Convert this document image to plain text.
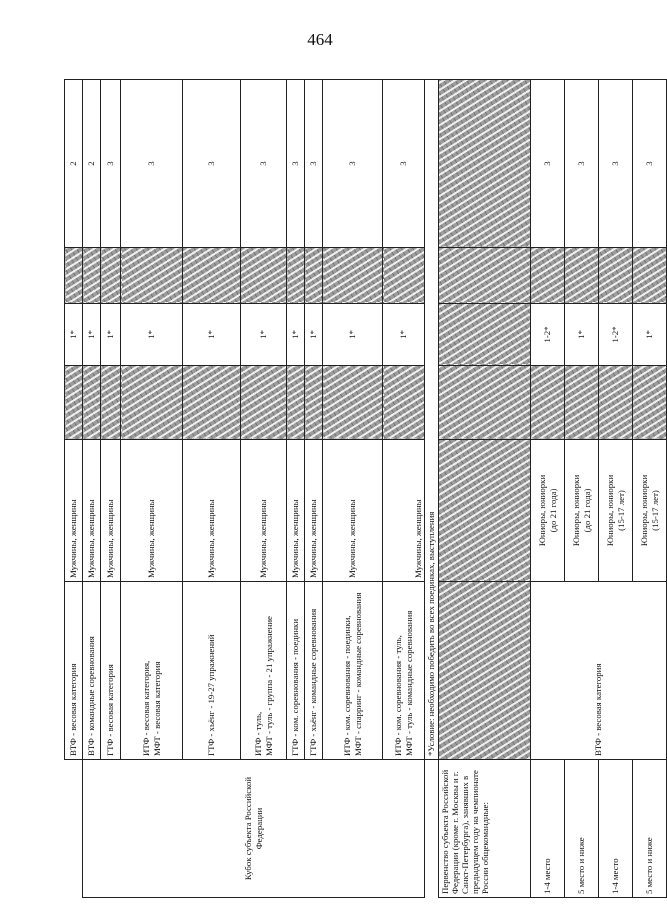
464
	ВТФ - весовая категория	Мужчины, женщины		1*		2
Кубок субъекта Российской Федерации	ВТФ - командные соревнования	Мужчины, женщины		1*		2
	ГТФ - весовая категория	Мужчины, женщины		1*		3
	ИТФ - весовая категория,
МФТ - весовая категория	Мужчины, женщины		1*		3
	ГТФ - хьёнг - 19-27 упражнений	Мужчины, женщины		1*		3
	ИТФ - туль,
МФТ - туль - группа - 21 упражнение	Мужчины, женщины		1*		3
	ГТФ - ком. соревнования - поединки	Мужчины, женщины		1*		3
	ГТФ - хьёнг - командные соревнования	Мужчины, женщины		1*		3
	ИТФ - ком. соревнования - поединки,
МФТ - спарринг - командные соревнования	Мужчины, женщины		1*		3
	ИТФ - ком. соревнования - туль,
МФТ - туль - командные соревнования	Мужчины, женщины		1*		3
	*Условие: необходимо победить во всех поединках, выступления					
Первенство субъекта Российской Федерации (кроме г. Москвы и г. Санкт-Петербурга), занявших в предыдущем году на чемпионате России общекомандные:						
1-4 место	ВТФ - весовая категория	Юниоры, юниорки
(до 21 года)		1-2*		3
5 место и ниже		Юниоры, юниорки
(до 21 года)		1*		3
1-4 место		Юниоры, юниорки
(15-17 лет)		1-2*		3
5 место и ниже		Юниоры, юниорки
(15-17 лет)		1*		3
